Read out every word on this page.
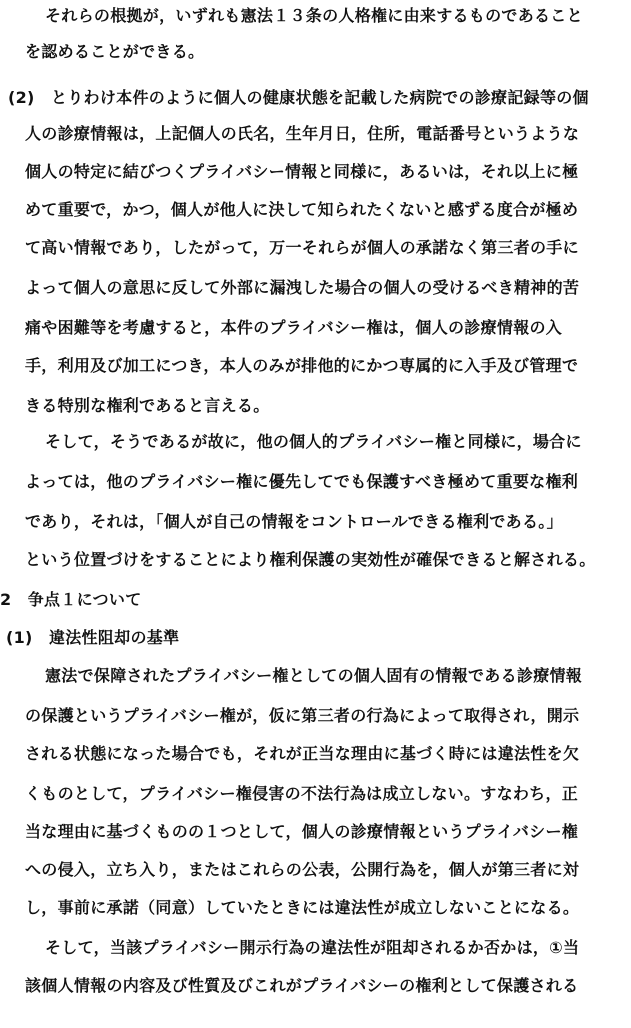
それらの根拠が，いずれも憲法１３条の人格権に由来するものであること
を認めることができる。
(2)　とりわけ本件のように個人の健康状態を記載した病院での診療記録等の個
人の診療情報は，上記個人の氏名，生年月日，住所，電話番号というような
個人の特定に結びつくプライバシー情報と同様に，あるいは，それ以上に極
めて重要で，かつ，個人が他人に決して知られたくないと感ずる度合が極め
て高い情報であり，したがって，万一それらが個人の承諾なく第三者の手に
よって個人の意思に反して外部に漏洩した場合の個人の受けるべき精神的苦
痛や困難等を考慮すると，本件のプライバシー権は，個人の診療情報の入
手，利用及び加工につき，本人のみが排他的にかつ専属的に入手及び管理で
きる特別な権利であると言える。
そして，そうであるが故に，他の個人的プライバシー権と同様に，場合に
よっては，他のプライバシー権に優先してでも保護すべき極めて重要な権利
であり，それは，「個人が自己の情報をコントロールできる権利である。」
という位置づけをすることにより権利保護の実効性が確保できると解される。
2　争点１について
(1)　違法性阻却の基準
憲法で保障されたプライバシー権としての個人固有の情報である診療情報
の保護というプライバシー権が，仮に第三者の行為によって取得され，開示
される状態になった場合でも，それが正当な理由に基づく時には違法性を欠
くものとして，プライバシー権侵害の不法行為は成立しない。すなわち，正
当な理由に基づくものの１つとして，個人の診療情報というプライバシー権
への侵入，立ち入り，またはこれらの公表，公開行為を，個人が第三者に対
し，事前に承諾（同意）していたときには違法性が成立しないことになる。
そして，当該プライバシー開示行為の違法性が阻却されるか否かは，①当
該個人情報の内容及び性質及びこれがプライバシーの権利として保護される
